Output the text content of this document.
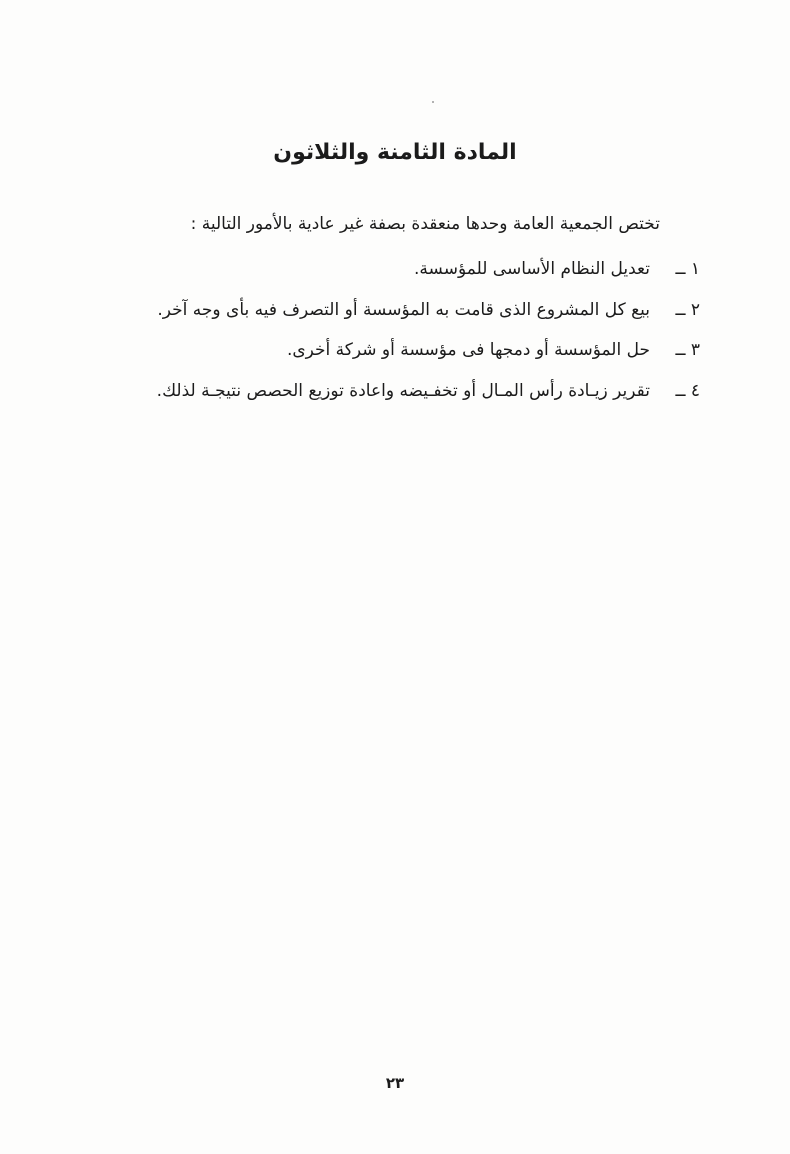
المادة الثامنة والثلاثون

تختص الجمعية العامة وحدها منعقدة بصفة غير عادية بالأمور التالية :

١ ــ
تعديل النظام الأساسى للمؤسسة.
٢ ــ
بيع كل المشروع الذى قامت به المؤسسة أو التصرف فيه بأى وجه آخر.
٣ ــ
حل المؤسسة أو دمجها فى مؤسسة أو شركة أخرى.
٤ ــ
تقرير زيـادة رأس المـال أو تخفـيضه واعادة توزيع الحصص نتيجـة لذلك.
٢٣
